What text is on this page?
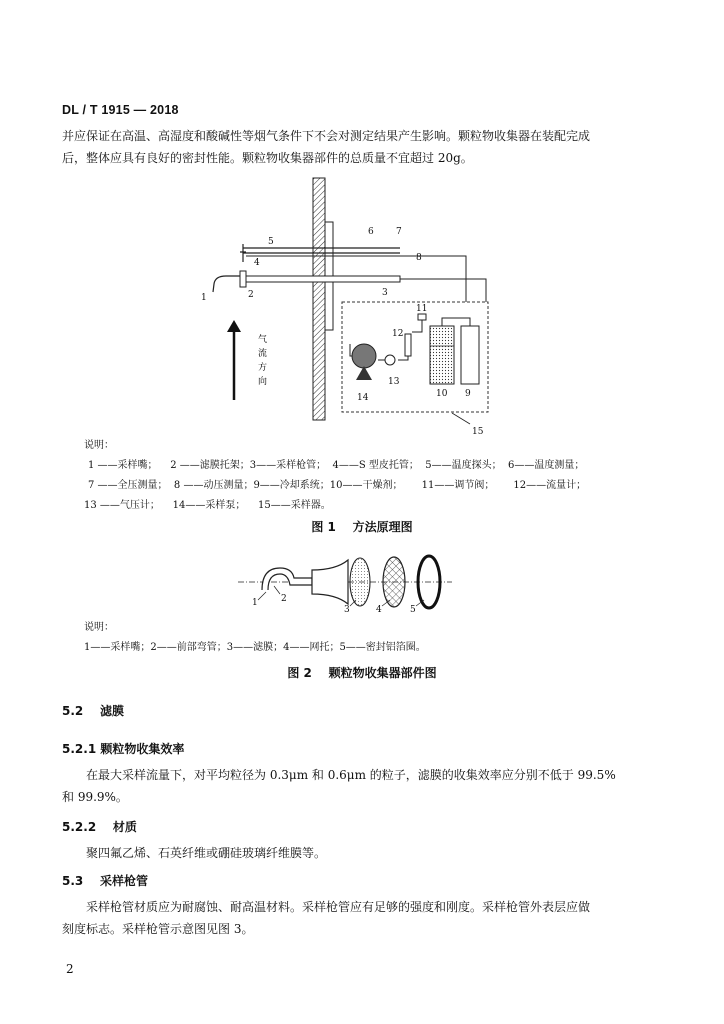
DL / T 1915 — 2018
并应保证在高温、高湿度和酸碱性等烟气条件下不会对测定结果产生影响。颗粒物收集器在装配完成
后，整体应具有良好的密封性能。颗粒物收集器部件的总质量不宜超过 20g。
气
流
方
向
1	2	3
4
5
6 7
8
9
10
11
12
13
14
15
说明：
1 ——采样嘴；    2 ——滤膜托架；3——采样枪管；  4——S 型皮托管；  5——温度探头；  6——温度测量；
7 ——全压测量；  8 ——动压测量；9——冷却系统；10——干燥剂；      11——调节阀；      12——流量计；
13 ——气压计；    14——采样泵；    15——采样器。
图 1    方法原理图
1	2
3	4	5
说明：
1——采样嘴；2——前部弯管；3——滤膜；4——网托；5——密封铝箔圈。
图 2    颗粒物收集器部件图
5.2    滤膜
5.2.1 颗粒物收集效率
在最大采样流量下，对平均粒径为 0.3μm 和 0.6μm 的粒子，滤膜的收集效率应分别不低于 99.5%
和 99.9%。
5.2.2    材质
聚四氟乙烯、石英纤维或硼硅玻璃纤维膜等。
5.3    采样枪管
采样枪管材质应为耐腐蚀、耐高温材料。采样枪管应有足够的强度和刚度。采样枪管外表层应做
刻度标志。采样枪管示意图见图 3。
2
